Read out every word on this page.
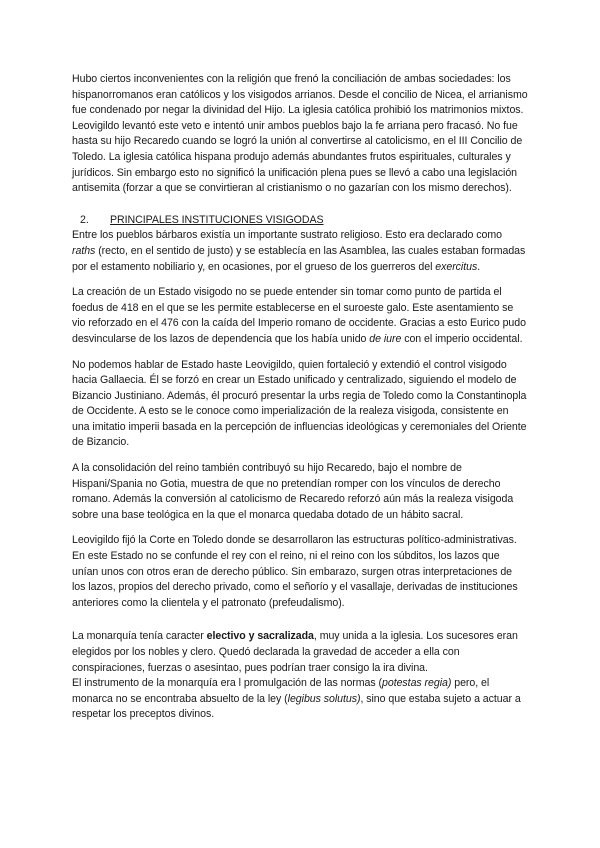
Hubo ciertos inconvenientes con la religión que frenó la conciliación de ambas sociedades: los hispanorromanos eran católicos y los visigodos arrianos. Desde el concilio de Nicea, el arrianismo fue condenado por negar la divinidad del Hijo. La iglesia católica prohibió los matrimonios mixtos.

Leovigildo levantó este veto e intentó unir ambos pueblos bajo la fe arriana pero fracasó. No fue hasta su hijo Recaredo cuando se logró la unión al convertirse al catolicismo, en el III Concilio de Toledo. La iglesia católica hispana produjo además abundantes frutos espirituales, culturales y jurídicos. Sin embargo esto no significó la unificación plena pues se llevó a cabo una legislación antisemita (forzar a que se convirtieran al cristianismo o no gazarían con los mismo derechos).

2.	PRINCIPALES INSTITUCIONES VISIGODAS

Entre los pueblos bárbaros existía un importante sustrato religioso. Esto era declarado como raths (recto, en el sentido de justo) y se establecía en las Asamblea, las cuales estaban formadas por el estamento nobiliario y, en ocasiones, por el grueso de los guerreros del exercitus.

La creación de un Estado visigodo no se puede entender sin tomar como punto de partida el foedus de 418 en el que se les permite establecerse en el suroeste galo. Este asentamiento se vio reforzado en el 476 con la caída del Imperio romano de occidente. Gracias a esto Eurico pudo desvincularse de los lazos de dependencia que los había unido de iure con el imperio occidental.

No podemos hablar de Estado haste Leovigildo, quien fortaleció y extendió el control visigodo hacia Gallaecia. Él se forzó en crear un Estado unificado y centralizado, siguiendo el modelo de Bizancio Justiniano. Además, él procuró presentar la urbs regia de Toledo como la Constantinopla de Occidente. A esto se le conoce como imperialización de la realeza visigoda, consistente en una imitatio imperii basada en la percepción de influencias ideológicas y ceremoniales del Oriente de Bizancio.

A la consolidación del reino también contribuyó su hijo Recaredo, bajo el nombre de Hispani/Spania no Gotia, muestra de que no pretendían romper con los vínculos de derecho romano. Además la conversión al catolicismo de Recaredo reforzó aún más la realeza visigoda sobre una base teológica en la que el monarca quedaba dotado de un hábito sacral.

Leovigildo fijó la Corte en Toledo donde se desarrollaron las estructuras político-administrativas. En este Estado no se confunde el rey con el reino, ni el reino con los súbditos, los lazos que unían unos con otros eran de derecho público. Sin embarazo, surgen otras interpretaciones de los lazos, propios del derecho privado, como el señorío y el vasallaje, derivadas de instituciones anteriores como la clientela y el patronato (prefeudalismo).

La monarquía tenía caracter electivo y sacralizada, muy unida a la iglesia. Los sucesores eran elegidos por los nobles y clero. Quedó declarada la gravedad de acceder a ella con conspiraciones, fuerzas o asesintao, pues podrían traer consigo la ira divina.

El instrumento de la monarquía era l promulgación de las normas (potestas regia) pero, el monarca no se encontraba absuelto de la ley (legibus solutus), sino que estaba sujeto a actuar a respetar los preceptos divinos.
